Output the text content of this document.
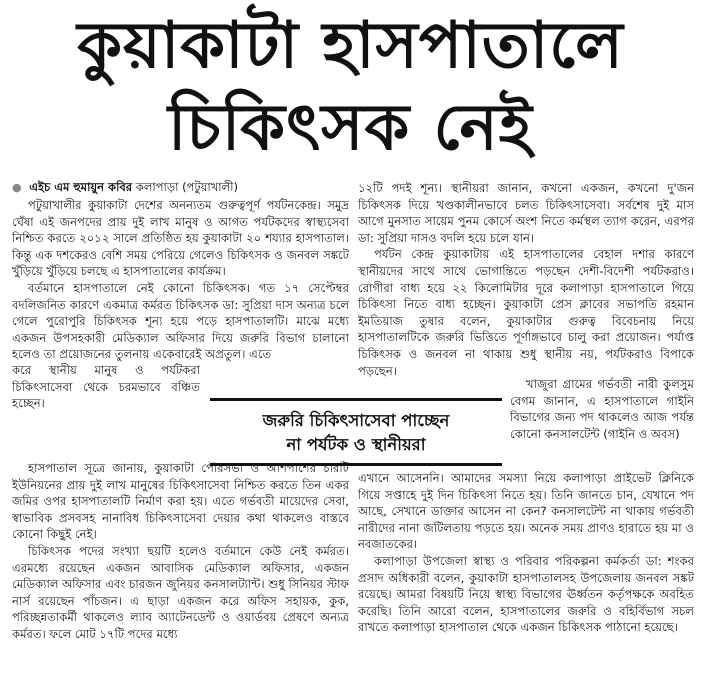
কুয়াকাটা হাসপাতালে
চিকিৎসক নেই
● এইচ এম হুমায়ুন কবির কলাপাড়া (পটুয়াখালী)

পটুয়াখালীর কুয়াকাটা দেশের অনন্যতম গুরুত্বপূর্ণ পর্যটনকেন্দ্র। সমুদ্র ঘেঁষা এই জনপদের প্রায় দুই লাখ মানুষ ও আগত পর্যটকদের স্বাস্থ্যসেবা নিশ্চিত করতে ২০১২ সালে প্রতিষ্ঠিত হয় কুয়াকাটা ২০ শয্যার হাসপাতাল। কিন্তু এক দশকেরও বেশি সময় পেরিয়ে গেলেও চিকিৎসক ও জনবল সঙ্কটে খুঁড়িয়ে খুঁড়িয়ে চলছে এ হাসপাতালের কার্যক্রম।

বর্তমানে হাসপাতালে নেই কোনো চিকিৎসক। গত ১৭ সেপ্টেম্বর বদলিজনিত কারণে একমাত্র কর্মরত চিকিৎসক ডা: সুপ্রিয়া দাস অন্যত্র চলে গেলে পুরোপুরি চিকিৎসক শূন্য হয়ে পড়ে হাসপাতালটি। মাঝে মধ্যে একজন উপসহকারী মেডিক্যাল অফিসার দিয়ে জরুরি বিভাগ চালানো হলেও তা প্রয়োজনের তুলনায় একেবারেই অপ্রতুল। এতে

করে স্থানীয় মানুষ ও পর্যটকরা চিকিৎসাসেবা থেকে চরমভাবে বঞ্চিত হচ্ছেন।

জরুরি চিকিৎসাসেবা পাচ্ছেন
না পর্যটক ও স্থানীয়রা

হাসপাতাল সূত্রে জানায়, কুয়াকাটা পৌরসভা ও আশপাশের চারটি ইউনিয়নের প্রায় দুই লাখ মানুষের চিকিৎসাসেবা নিশ্চিত করতে তিন একর জমির ওপর হাসপাতালটি নির্মাণ করা হয়। এতে গর্ভবতী মায়েদের সেবা, স্বাভাবিক প্রসবসহ নানাবিধ চিকিৎসাসেবা দেয়ার কথা থাকলেও বাস্তবে কোনো কিছুই নেই।

চিকিৎসক পদের সংখ্যা ছয়টি হলেও বর্তমানে কেউ নেই কর্মরত। এরমধ্যে রয়েছেন একজন আবাসিক মেডিক্যাল অফিসার, একজন মেডিক্যাল অফিসার এবং চারজন জুনিয়র কনসালট্যান্ট। শুধু সিনিয়র স্টাফ নার্স রয়েছেন পাঁচজন। এ ছাড়া একজন করে অফিস সহায়ক, কুক, পরিচ্ছন্নতাকর্মী থাকলেও ল্যাব অ্যাটেনডেন্ট ও ওয়ার্ডবয় প্রেষণে অন্যত্র কর্মরত। ফলে মোট ১৭টি পদের মধ্যে

১২টি পদই শূন্য। স্থানীয়রা জানান, কখনো একজন, কখনো দু'জন চিকিৎসক দিয়ে খণ্ডকালীনভাবে চলত চিকিৎসাসেবা। সর্বশেষ দুই মাস আগে মুনসাত সায়েম পুনম কোর্সে অংশ নিতে কর্মস্থল ত্যাগ করেন, এরপর ডা: সুপ্রিয়া দাসও বদলি হয়ে চলে যান।

পর্যটন কেন্দ্র কুয়াকাটায় এই হাসপাতালের বেহাল দশার কারণে স্থানীয়দের সাথে সাথে ভোগান্তিতে পড়ছেন দেশী-বিদেশী পর্যটকরাও। রোগীরা বাধ্য হয়ে ২২ কিলোমিটার দূরে কলাপাড়া হাসপাতালে গিয়ে চিকিৎসা নিতে বাধ্য হচ্ছেন। কুয়াকাটা প্রেস ক্লাবের সভাপতি রহমান ইমতিয়াজ তুষার বলেন, কুয়াকাটার গুরুত্ব বিবেচনায় নিয়ে হাসপাতালটিকে জরুরি ভিত্তিতে পূর্ণাঙ্গভাবে চালু করা প্রয়োজন। পর্যাপ্ত চিকিৎসক ও জনবল না থাকায় শুধু স্থানীয় নয়, পর্যটকরাও বিপাকে পড়ছেন।

খাজুরা গ্রামের গর্ভবতী নারী কুলসুম বেগম জানান, এ হাসপাতালে গাইনি বিভাগের জন্য পদ থাকলেও আজ পর্যন্ত কোনো কনসালটেন্ট (গাইনি ও অবস)

এখানে আসেননি। আমাদের সমস্যা নিয়ে কলাপাড়া প্রাইভেট ক্লিনিকে গিয়ে সপ্তাহে দুই দিন চিকিৎসা নিতে হয়। তিনি জানতে চান, যেখানে পদ আছে, সেখানে ডাক্তার আসেন না কেন? কনসালটেন্ট না থাকায় গর্ভবতী নারীদের নানা জটিলতায় পড়তে হয়। অনেক সময় প্রাণও হারাতে হয় মা ও নবজাতকের।

কলাপাড়া উপজেলা স্বাস্থ্য ও পরিবার পরিকল্পনা কর্মকর্তা ডা: শংকর প্রসাদ অধিকারী বলেন, কুয়াকাটা হাসপাতালসহ উপজেলায় জনবল সঙ্কট রয়েছে। আমরা বিষয়টি নিয়ে স্বাস্থ্য বিভাগের ঊর্ধ্বতন কর্তৃপক্ষকে অবহিত করেছি। তিনি আরো বলেন, হাসপাতালের জরুরি ও বহির্বিভাগ সচল রাখতে কলাপাড়া হাসপাতাল থেকে একজন চিকিৎসক পাঠানো হয়েছে।
